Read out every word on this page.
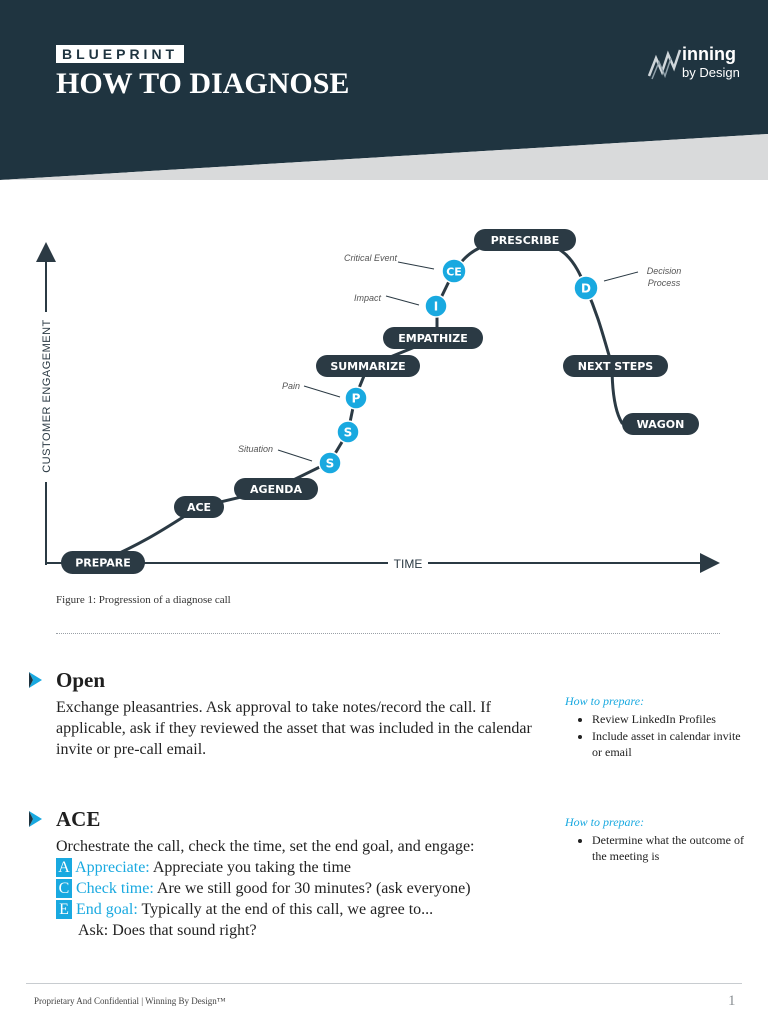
BLUEPRINT
HOW TO DIAGNOSE
inning
by Design
CUSTOMER ENGAGEMENT
TIME
Critical Event
Impact
Pain
Situation
Decision
Process
PREPARE
ACE
AGENDA
SUMMARIZE
EMPATHIZE
PRESCRIBE
NEXT STEPS
WAGON
S
S
P
I
CE
D
Figure 1: Progression of a diagnose call
Open
Exchange pleasantries. Ask approval to take notes/record the call. If applicable, ask if they reviewed the asset that was included in the calendar invite or pre-call email.
How to prepare:
• Review LinkedIn Profiles
• Include asset in calendar invite or email
ACE
Orchestrate the call, check the time, set the end goal, and engage:
A Appreciate: Appreciate you taking the time
C Check time: Are we still good for 30 minutes? (ask everyone)
E End goal: Typically at the end of this call, we agree to...
Ask: Does that sound right?
How to prepare:
• Determine what the outcome of the meeting is
Proprietary And Confidential | Winning By Design™	1
